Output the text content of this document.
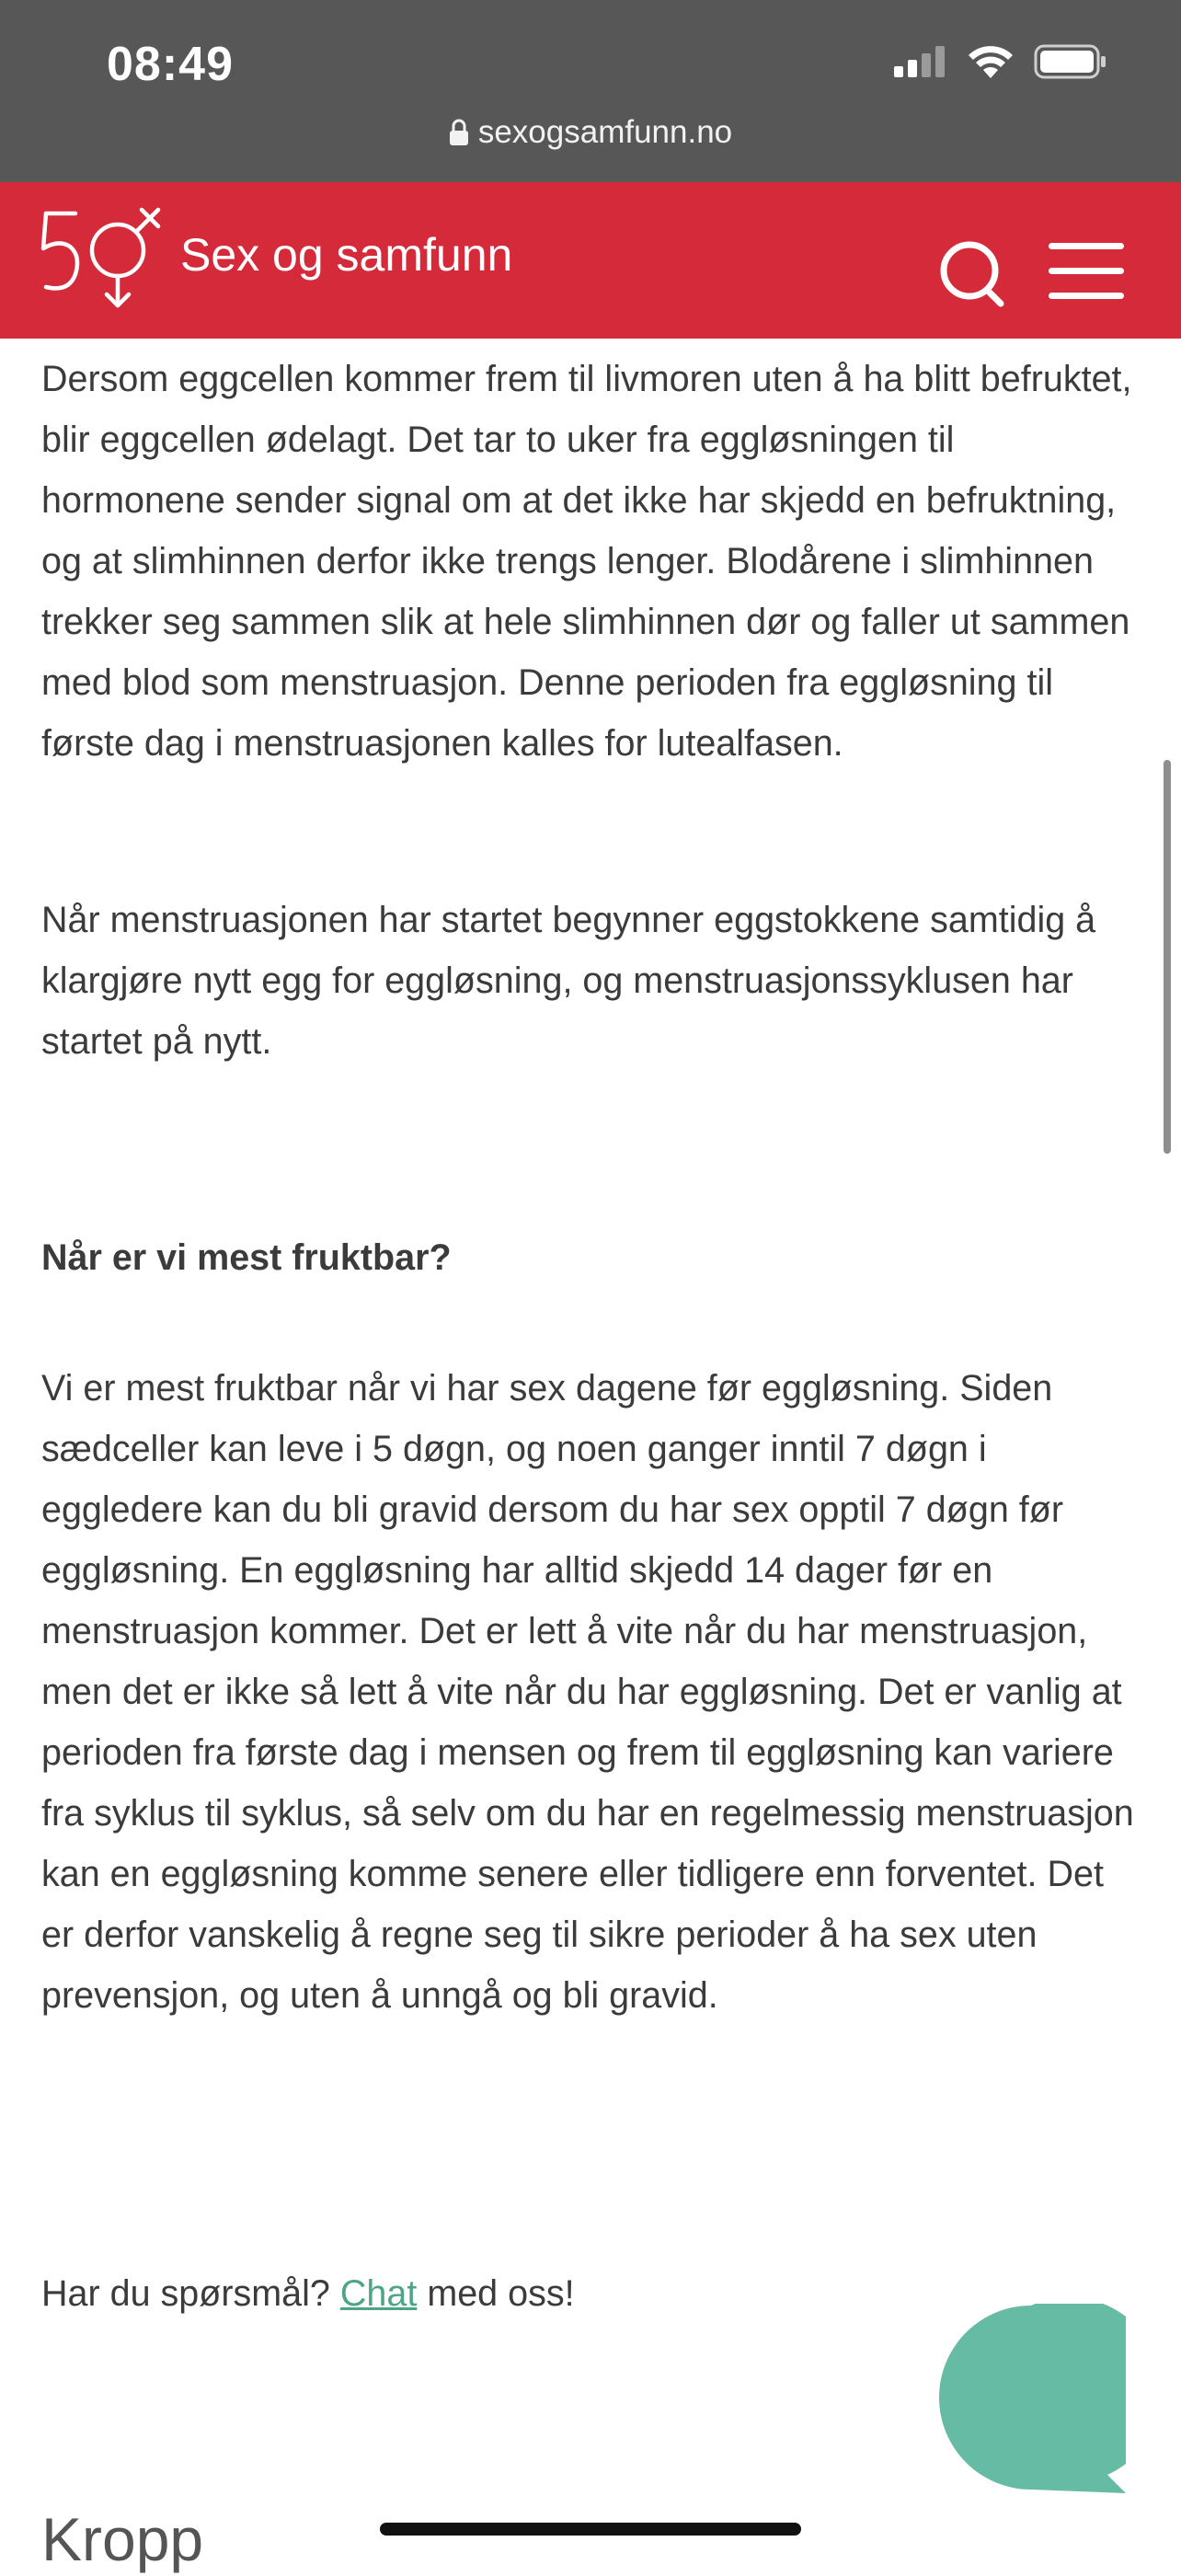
08:49
sexogsamfunn.no
Sex og samfunn

Dersom eggcellen kommer frem til livmoren uten å ha blitt befruktet, blir eggcellen ødelagt. Det tar to uker fra eggløsningen til hormonene sender signal om at det ikke har skjedd en befruktning, og at slimhinnen derfor ikke trengs lenger. Blodårene i slimhinnen trekker seg sammen slik at hele slimhinnen dør og faller ut sammen med blod som menstruasjon. Denne perioden fra eggløsning til første dag i menstruasjonen kalles for lutealfasen.

Når menstruasjonen har startet begynner eggstokkene samtidig å klargjøre nytt egg for eggløsning, og menstruasjonssyklusen har startet på nytt.

Når er vi mest fruktbar?

Vi er mest fruktbar når vi har sex dagene før eggløsning. Siden sædceller kan leve i 5 døgn, og noen ganger inntil 7 døgn i eggledere kan du bli gravid dersom du har sex opptil 7 døgn før eggløsning. En eggløsning har alltid skjedd 14 dager før en menstruasjon kommer. Det er lett å vite når du har menstruasjon, men det er ikke så lett å vite når du har eggløsning. Det er vanlig at perioden fra første dag i mensen og frem til eggløsning kan variere fra syklus til syklus, så selv om du har en regelmessig menstruasjon kan en eggløsning komme senere eller tidligere enn forventet. Det er derfor vanskelig å regne seg til sikre perioder å ha sex uten prevensjon, og uten å unngå og bli gravid.

Har du spørsmål? Chat med oss!

Kropp
